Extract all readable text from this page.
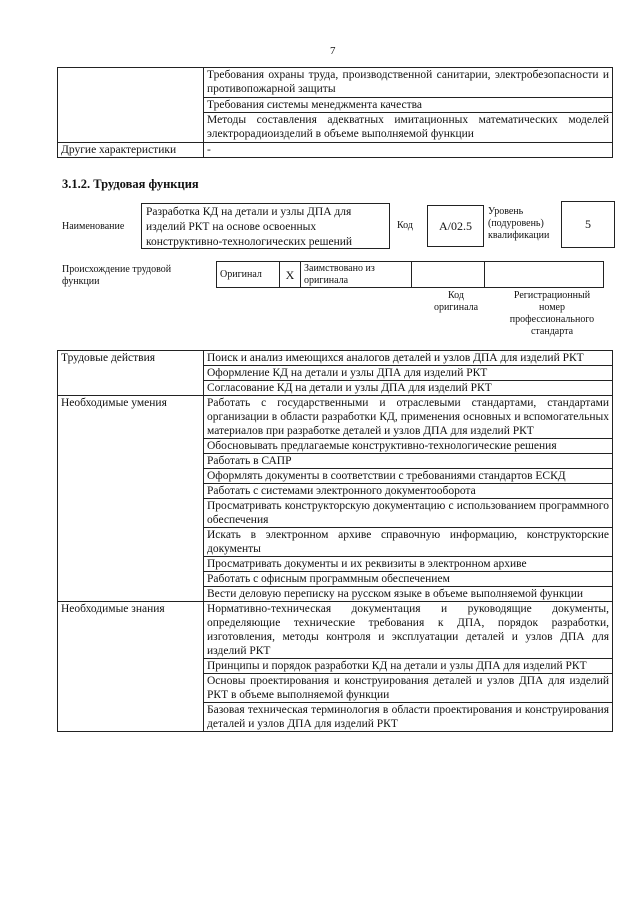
7
	Требования охраны труда, производственной санитарии, электробезопасности и противопожарной защиты
	Требования системы менеджмента качества
	Методы составления адекватных имитационных математических моделей электрорадиоизделий в объеме выполняемой функции
Другие характеристики	-
3.1.2. Трудовая функция
Наименование
Разработка КД на детали и узлы ДПА для изделий РКТ на основе освоенных конструктивно-технологических решений
Код	А/02.5
Уровень (подуровень) квалификации
5
Происхождение трудовой функции
Оригинал	X	Заимствовано из оригинала		
Код оригинала
Регистрационный номер профессионального стандарта
Трудовые действия	Поиск и анализ имеющихся аналогов деталей и узлов ДПА для изделий РКТ
	Оформление КД на детали и узлы ДПА для изделий РКТ
	Согласование КД на детали и узлы ДПА для изделий РКТ
Необходимые умения	Работать с государственными и отраслевыми стандартами, стандартами организации в области разработки КД, применения основных и вспомогательных материалов при разработке деталей и узлов ДПА для изделий РКТ
	Обосновывать предлагаемые конструктивно-технологические решения
	Работать в САПР
	Оформлять документы в соответствии с требованиями стандартов ЕСКД
	Работать с системами электронного документооборота
	Просматривать конструкторскую документацию с использованием программного обеспечения
	Искать в электронном архиве справочную информацию, конструкторские документы
	Просматривать документы и их реквизиты в электронном архиве
	Работать с офисным программным обеспечением
	Вести деловую переписку на русском языке в объеме выполняемой функции
Необходимые знания	Нормативно-техническая документация и руководящие документы, определяющие технические требования к ДПА, порядок разработки, изготовления, методы контроля и эксплуатации деталей и узлов ДПА для изделий РКТ
	Принципы и порядок разработки КД на детали и узлы ДПА для изделий РКТ
	Основы проектирования и конструирования деталей и узлов ДПА для изделий РКТ в объеме выполняемой функции
	Базовая техническая терминология в области проектирования и конструирования деталей и узлов ДПА для изделий РКТ
